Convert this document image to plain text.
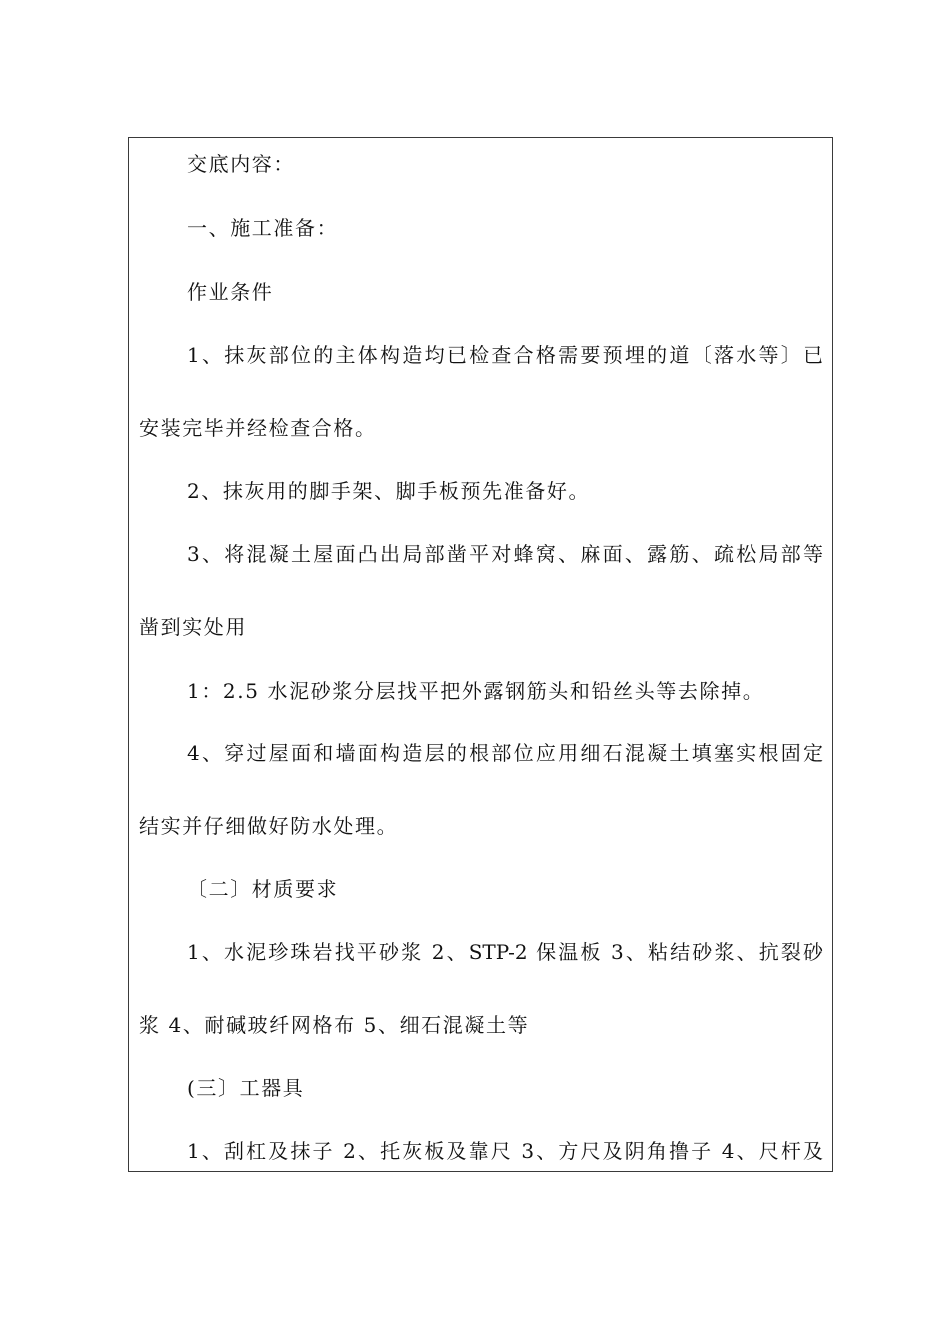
交底内容：
一、施工准备：
作业条件
1、抹灰部位的主体构造均已检查合格需要预埋的道〔落水等〕已
安装完毕并经检查合格。
2、抹灰用的脚手架、脚手板预先准备好。
3、将混凝土屋面凸出局部凿平对蜂窝、麻面、露筋、疏松局部等
凿到实处用
1：2.5 水泥砂浆分层找平把外露钢筋头和铅丝头等去除掉。
4、穿过屋面和墙面构造层的根部位应用细石混凝土填塞实根固定
结实并仔细做好防水处理。
〔二〕材质要求
1、水泥珍珠岩找平砂浆 2、STP-2 保温板 3、粘结砂浆、抗裂砂
浆 4、耐碱玻纤网格布 5、细石混凝土等
(三〕工器具
1、刮杠及抹子 2、托灰板及靠尺 3、方尺及阴角撸子 4、尺杆及
